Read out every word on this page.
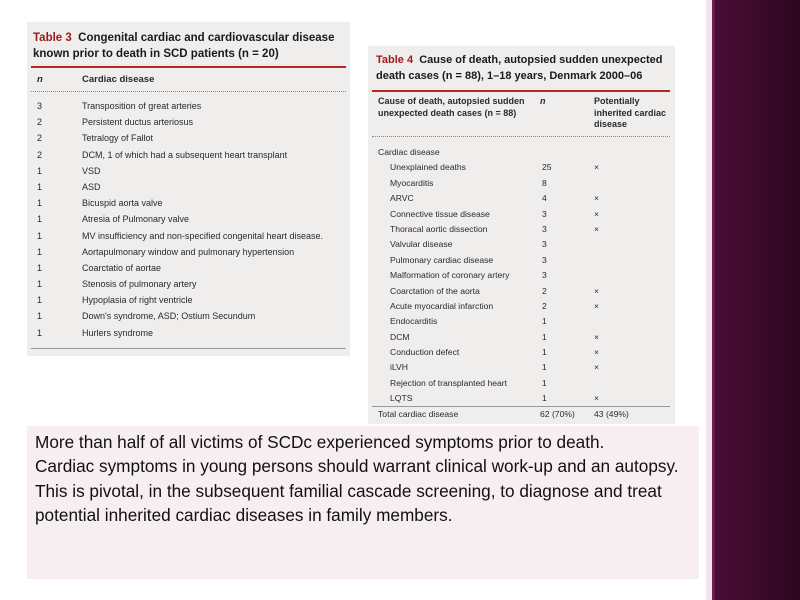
Table 3 Congenital cardiac and cardiovascular disease known prior to death in SCD patients (n = 20)
n	Cardiac disease
3	Transposition of great arteries
2	Persistent ductus arteriosus
2	Tetralogy of Fallot
2	DCM, 1 of which had a subsequent heart transplant
1	VSD
1	ASD
1	Bicuspid aorta valve
1	Atresia of Pulmonary valve
1	MV insufficiency and non-specified congenital heart disease.
1	Aortapulmonary window and pulmonary hypertension
1	Coarctatio of aortae
1	Stenosis of pulmonary artery
1	Hypoplasia of right ventricle
1	Down's syndrome, ASD; Ostium Secundum
1	Hurlers syndrome
Table 4 Cause of death, autopsied sudden unexpected death cases (n = 88), 1–18 years, Denmark 2000–06
Cause of death, autopsied sudden unexpected death cases (n = 88)
n	Potentially inherited cardiac disease
Cardiac disease
Unexplained deaths	25	×
Myocarditis	8
ARVC	4	×
Connective tissue disease	3	×
Thoracal aortic dissection	3	×
Valvular disease	3
Pulmonary cardiac disease	3
Malformation of coronary artery	3
Coarctation of the aorta	2	×
Acute myocardial infarction	2	×
Endocarditis	1
DCM	1	×
Conduction defect	1	×
iLVH	1	×
Rejection of transplanted heart	1
LQTS	1	×
Total cardiac disease	62 (70%) 43 (49%)

More than half of all victims of SCDc experienced symptoms prior to death.

Cardiac symptoms in young persons should warrant clinical work-up and an autopsy.

This is pivotal, in the subsequent familial cascade screening, to diagnose and treat potential inherited cardiac diseases in family members.
